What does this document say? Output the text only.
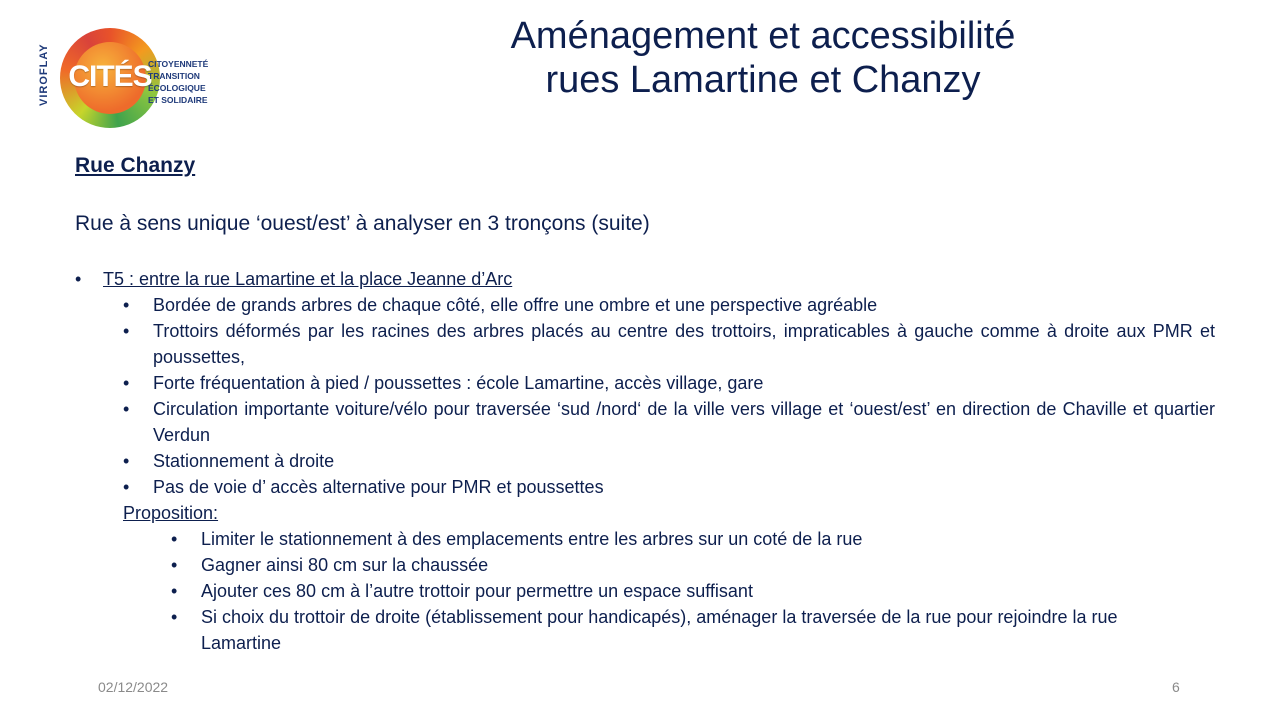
VIROFLAY CITÉS
CITOYENNETÉ
TRANSITION ÉCOLOGIQUE
ET SOLIDAIRE
Aménagement et accessibilité
rues Lamartine et Chanzy
Rue Chanzy
Rue à sens unique ‘ouest/est’ à analyser en 3 tronçons (suite)
• T5 : entre la rue Lamartine et la place Jeanne d’Arc
• Bordée de grands arbres de chaque côté, elle offre une ombre et une perspective agréable
• Trottoirs déformés par les racines des arbres placés au centre des trottoirs, impraticables à gauche comme à droite aux PMR et poussettes,
• Forte fréquentation à pied / poussettes : école Lamartine, accès village, gare
• Circulation importante voiture/vélo pour traversée ‘sud /nord‘ de la ville vers village et ‘ouest/est’ en direction de Chaville et quartier Verdun
• Stationnement à droite
• Pas de voie d’ accès alternative pour PMR et poussettes
Proposition:
• Limiter le stationnement à des emplacements entre les arbres sur un coté de la rue
• Gagner ainsi 80 cm sur la chaussée
• Ajouter ces 80 cm à l’autre trottoir pour permettre un espace suffisant
• Si choix du trottoir de droite (établissement pour handicapés), aménager la traversée de la rue pour rejoindre la rue Lamartine
02/12/2022	6
